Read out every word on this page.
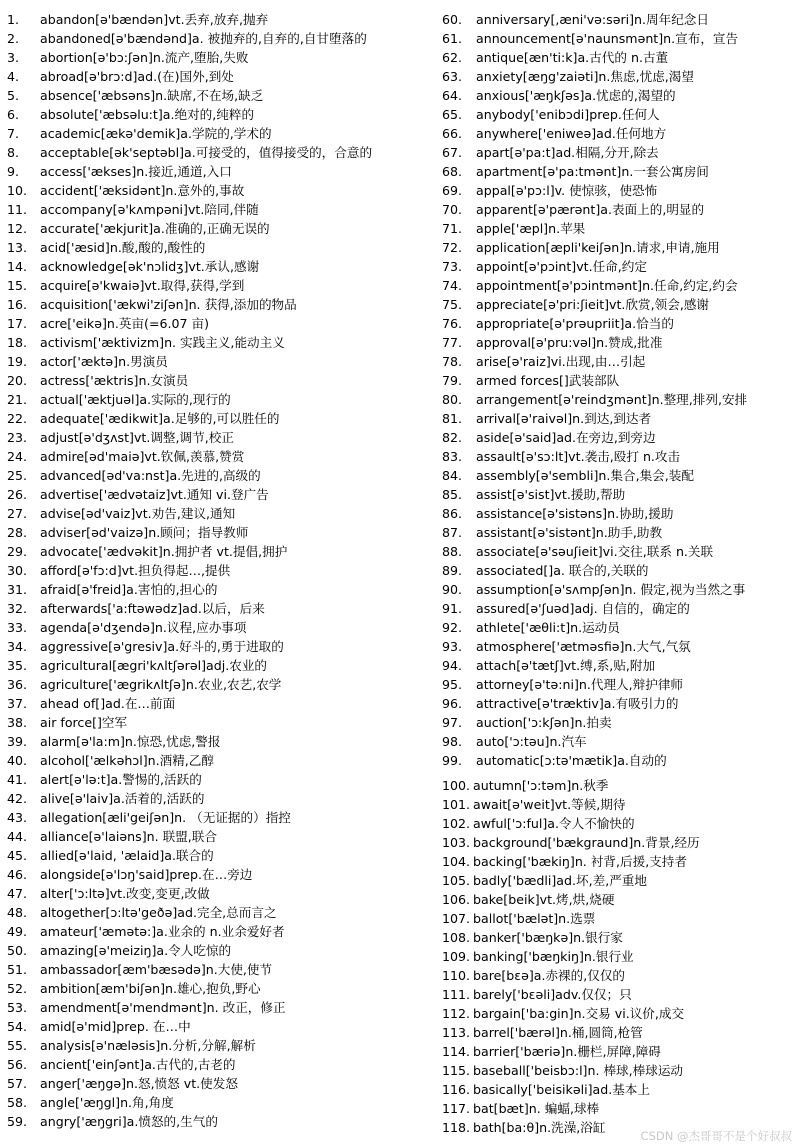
1. abandon[ə'bændən]vt.丢弃,放弃,抛弃
2. abandoned[ə'bændənd]a. 被抛弃的,自弃的,自甘堕落的
3. abortion[ə'bɔ:ʃən]n.流产,堕胎,失败
4. abroad[ə'brɔ:d]ad.(在)国外,到处
5. absence['æbsəns]n.缺席,不在场,缺乏
6. absolute['æbsəlu:t]a.绝对的,纯粹的
7. academic[ækə'demik]a.学院的,学术的
8. acceptable[ək'septəbl]a.可接受的，值得接受的，合意的
9. access['ækses]n.接近,通道,入口
10. accident['æksidənt]n.意外的,事故
11. accompany[ə'kʌmpəni]vt.陪同,伴随
12. accurate['ækjurit]a.准确的,正确无误的
13. acid['æsid]n.酸,酸的,酸性的
14. acknowledge[ək'nɔlidʒ]vt.承认,感谢
15. acquire[ə'kwaiə]vt.取得,获得,学到
16. acquisition['ækwi'ziʃən]n. 获得,添加的物品
17. acre['eikə]n.英亩(=6.07 亩)
18. activism['æktivizm]n. 实践主义,能动主义
19. actor['æktə]n.男演员
20. actress['æktris]n.女演员
21. actual['æktjuəl]a.实际的,现行的
22. adequate['ædikwit]a.足够的,可以胜任的
23. adjust[ə'dʒʌst]vt.调整,调节,校正
24. admire[əd'maiə]vt.钦佩,羡慕,赞赏
25. advanced[əd'va:nst]a.先进的,高级的
26. advertise['ædvətaiz]vt.通知 vi.登广告
27. advise[əd'vaiz]vt.劝告,建议,通知
28. adviser[əd'vaizə]n.顾问；指导教师
29. advocate['ædvəkit]n.拥护者 vt.提倡,拥护
30. afford[ə'fɔ:d]vt.担负得起…,提供
31. afraid[ə'freid]a.害怕的,担心的
32. afterwards['a:ftəwədz]ad.以后，后来
33. agenda[ə'dʒendə]n.议程,应办事项
34. aggressive[ə'gresiv]a.好斗的,勇于进取的
35. agricultural[ægri'kʌltʃərəl]adj.农业的
36. agriculture['ægrikʌltʃə]n.农业,农艺,农学
37. ahead of[]ad.在…前面
38. air force[]空军
39. alarm[ə'la:m]n.惊恐,忧虑,警报
40. alcohol['ælkəhɔl]n.酒精,乙醇
41. alert[ə'lə:t]a.警惕的,活跃的
42. alive[ə'laiv]a.活着的,活跃的
43. allegation[æli'geiʃən]n. （无证据的）指控
44. alliance[ə'laiəns]n. 联盟,联合
45. allied[ə'laid, 'ælaid]a.联合的
46. alongside[ə'lɔŋ'said]prep.在…旁边
47. alter['ɔ:ltə]vt.改变,变更,改做
48. altogether[ɔ:ltə'geðə]ad.完全,总而言之
49. amateur['æmətə:]a.业余的 n.业余爱好者
50. amazing[ə'meiziŋ]a.令人吃惊的
51. ambassador[æm'bæsədə]n.大使,使节
52. ambition[æm'biʃən]n.雄心,抱负,野心
53. amendment[ə'mendmənt]n. 改正，修正
54. amid[ə'mid]prep. 在…中
55. analysis[ə'næləsis]n.分析,分解,解析
56. ancient['einʃənt]a.古代的,古老的
57. anger['æŋgə]n.怒,愤怒 vt.使发怒
58. angle['æŋgl]n.角,角度
59. angry['æŋgri]a.愤怒的,生气的
60. anniversary[,æni'və:səri]n.周年纪念日
61. announcement[ə'naunsmənt]n.宣布，宣告
62. antique[æn'ti:k]a.古代的 n.古董
63. anxiety[æŋg'zaiəti]n.焦虑,忧虑,渴望
64. anxious['æŋkʃəs]a.忧虑的,渴望的
65. anybody['enibɔdi]prep.任何人
66. anywhere['eniweə]ad.任何地方
67. apart[ə'pa:t]ad.相隔,分开,除去
68. apartment[ə'pa:tmənt]n.一套公寓房间
69. appal[ə'pɔ:l]v. 使惊骇，使恐怖
70. apparent[ə'pærənt]a.表面上的,明显的
71. apple['æpl]n.苹果
72. application[æpli'keiʃən]n.请求,申请,施用
73. appoint[ə'pɔint]vt.任命,约定
74. appointment[ə'pɔintmənt]n.任命,约定,约会
75. appreciate[ə'pri:ʃieit]vt.欣赏,领会,感谢
76. appropriate[ə'prəupriit]a.恰当的
77. approval[ə'pru:vəl]n.赞成,批准
78. arise[ə'raiz]vi.出现,由…引起
79. armed forces[]武装部队
80. arrangement[ə'reindʒmənt]n.整理,排列,安排
81. arrival[ə'raivəl]n.到达,到达者
82. aside[ə'said]ad.在旁边,到旁边
83. assault[ə'sɔ:lt]vt.袭击,殴打 n.攻击
84. assembly[ə'sembli]n.集合,集会,装配
85. assist[ə'sist]vt.援助,帮助
86. assistance[ə'sistəns]n.协助,援助
87. assistant[ə'sistənt]n.助手,助教
88. associate[ə'səuʃieit]vi.交往,联系 n.关联
89. associated[]a. 联合的,关联的
90. assumption[ə'sʌmpʃən]n. 假定,视为当然之事
91. assured[ə'ʃuəd]adj. 自信的，确定的
92. athlete['æθli:t]n.运动员
93. atmosphere['ætməsfiə]n.大气,气氛
94. attach[ə'tætʃ]vt.缚,系,贴,附加
95. attorney[ə'tə:ni]n.代理人,辩护律师
96. attractive[ə'træktiv]a.有吸引力的
97. auction['ɔ:kʃən]n.拍卖
98. auto['ɔ:təu]n.汽车
99. automatic[ɔ:tə'mætik]a.自动的
100. autumn['ɔ:təm]n.秋季
101. await[ə'weit]vt.等候,期待
102. awful['ɔ:ful]a.令人不愉快的
103. background['bækgraund]n.背景,经历
104. backing['bækiŋ]n. 衬背,后援,支持者
105. badly['bædli]ad.坏,差,严重地
106. bake[beik]vt.烤,烘,烧硬
107. ballot['bælət]n.选票
108. banker['bæŋkə]n.银行家
109. banking['bæŋkiŋ]n.银行业
110. bare[bɛə]a.赤裸的,仅仅的
111. barely['bɛəli]adv.仅仅；只
112. bargain['ba:gin]n.交易 vi.议价,成交
113. barrel['bærəl]n.桶,圆筒,枪管
114. barrier['bæriə]n.栅栏,屏障,障碍
115. baseball['beisbɔ:l]n. 棒球,棒球运动
116. basically['beisikəli]ad.基本上
117. bat[bæt]n. 蝙蝠,球棒
118. bath[ba:θ]n.洗澡,浴缸
CSDN @杰哥哥不是个好叔叔
